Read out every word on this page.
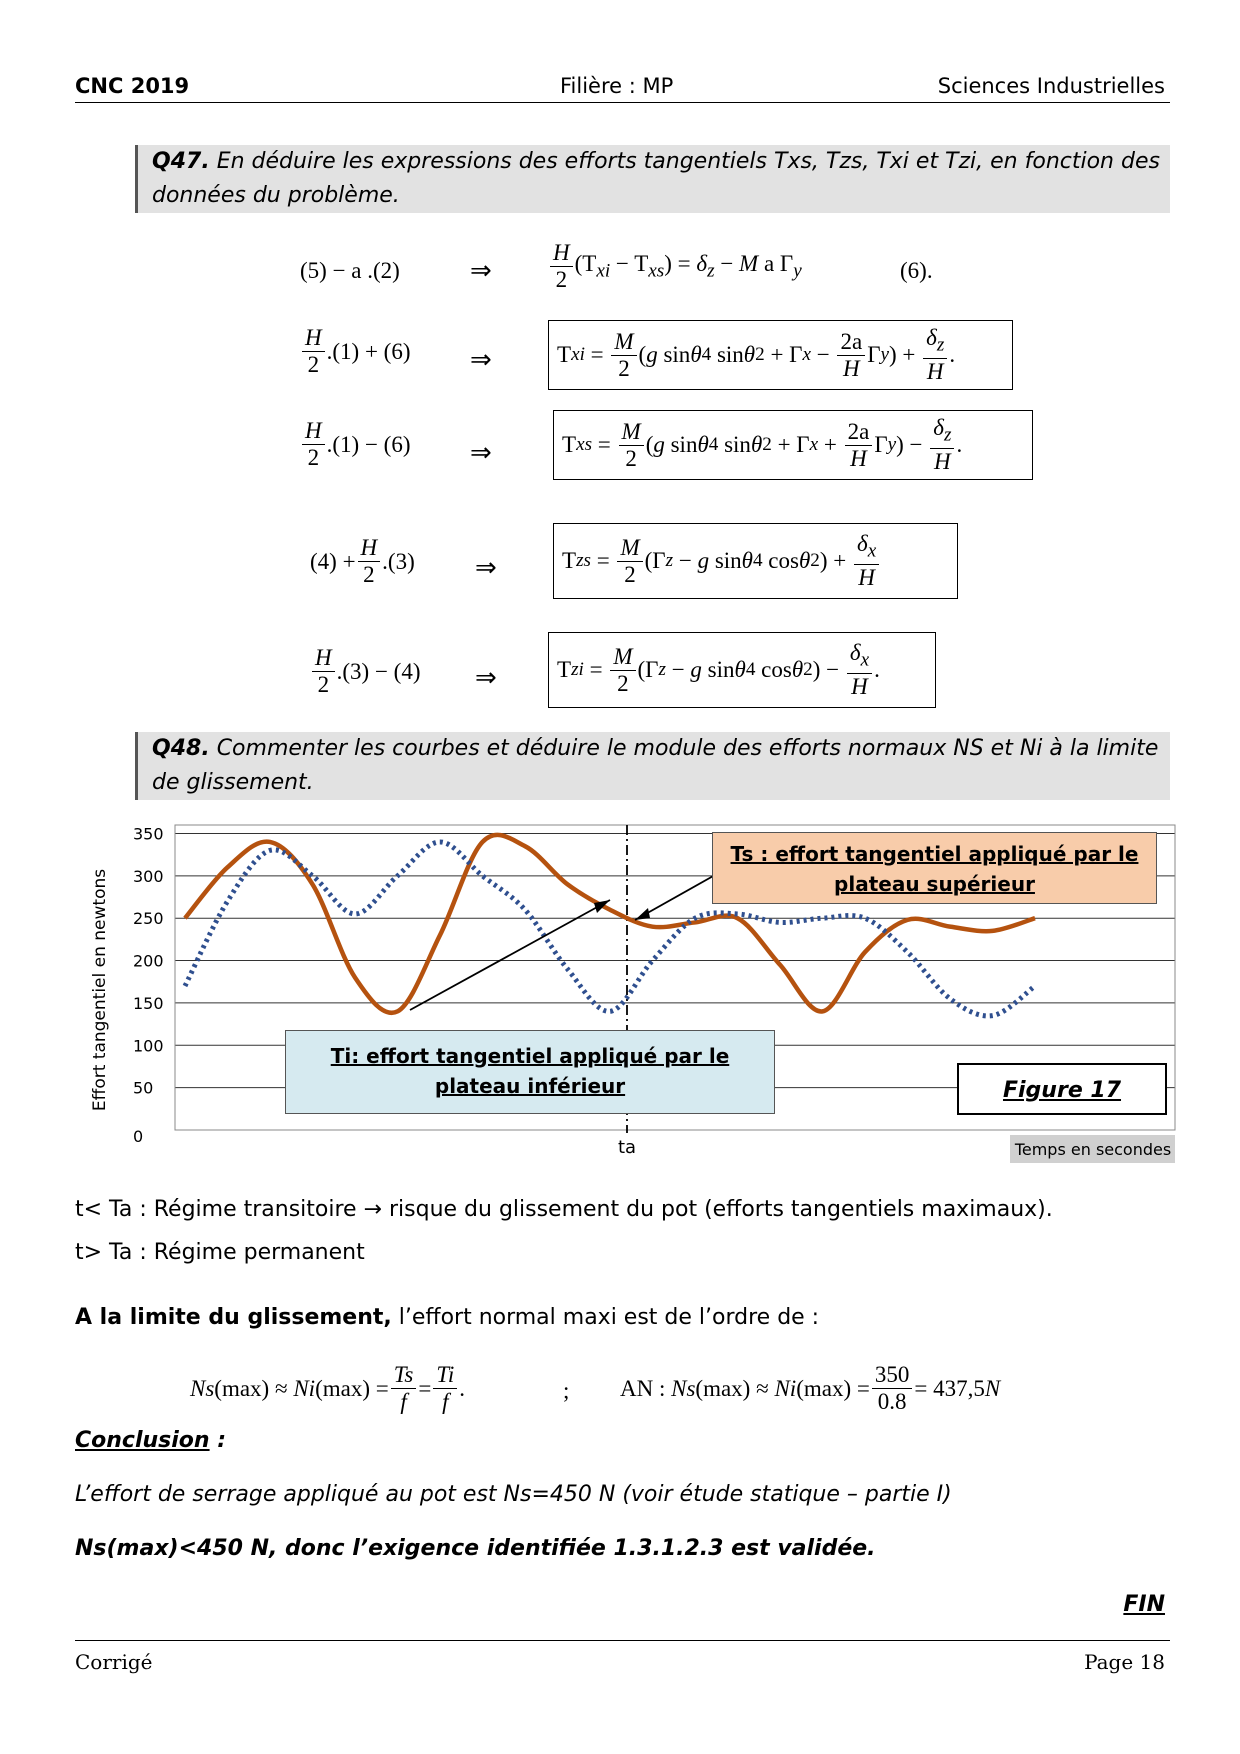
CNC 2019	Filière : MP	Sciences Industrielles
Q47. En déduire les expressions des efforts tangentiels Txs, Tzs, Txi et Tzi, en fonction des données du problème.
(5) − a .(2)	⇒	$\frac{H}{2} (T_{xi} - T_{xs}) = \delta_z - M$ a $\Gamma_y$	(6).
$\frac{H}{2} .(1) + (6)$ ⇒	T xi = $\frac{M}{2}$ ( g sin θ 4 sin θ 2 + Γ $x - \frac{2a}{H}$ Γ y ) + $\frac{\delta_z}{H}$ .
$\frac{H}{2} .(1) - (6)$ ⇒	T xs = $\frac{M}{2}$ ( g sin θ 4 sin θ 2 + Γ $x + \frac{2a}{H}$ Γ y ) − $\frac{\delta_z}{H}$ .
$(4) + \frac{H}{2} .(3)$ ⇒	T zs = $\frac{M}{2} (\Gamma$ z − g sin θ 4 cos θ 2 ) + $\frac{\delta_x}{H}$
$\frac{H}{2} .(3) - (4)$ ⇒	T zi = $\frac{M}{2} (\Gamma$ z − g sin θ 4 cos θ 2 ) − $\frac{\delta_x}{H}$ .
Q48. Commenter les courbes et déduire le module des efforts normaux NS et Ni à la limite de glissement.
0
50
100
150
200
250
300
350
Effort tangentiel en newtons
ta	Temps en secondes
Ts : effort tangentiel appliqué par le plateau supérieur
Ti: effort tangentiel appliqué par le plateau inférieur	Figure 17
t< Ta : Régime transitoire → risque du glissement du pot (efforts tangentiels maximaux).
t> Ta : Régime permanent
A la limite du glissement, l’effort normal maxi est de l’ordre de :
Ns (max) ≈ Ni $(\max) = \frac{Ts}{f} = \frac{Ti}{f}$ .	; AN : Ns (max) ≈ Ni $(\max) = \frac{350}{0.8} = 437,5$ N
Conclusion :
L’effort de serrage appliqué au pot est Ns=450 N (voir étude statique – partie I)
Ns(max)<450 N, donc l’exigence identifiée 1.3.1.2.3 est validée.
FIN
Corrigé	Page 18
